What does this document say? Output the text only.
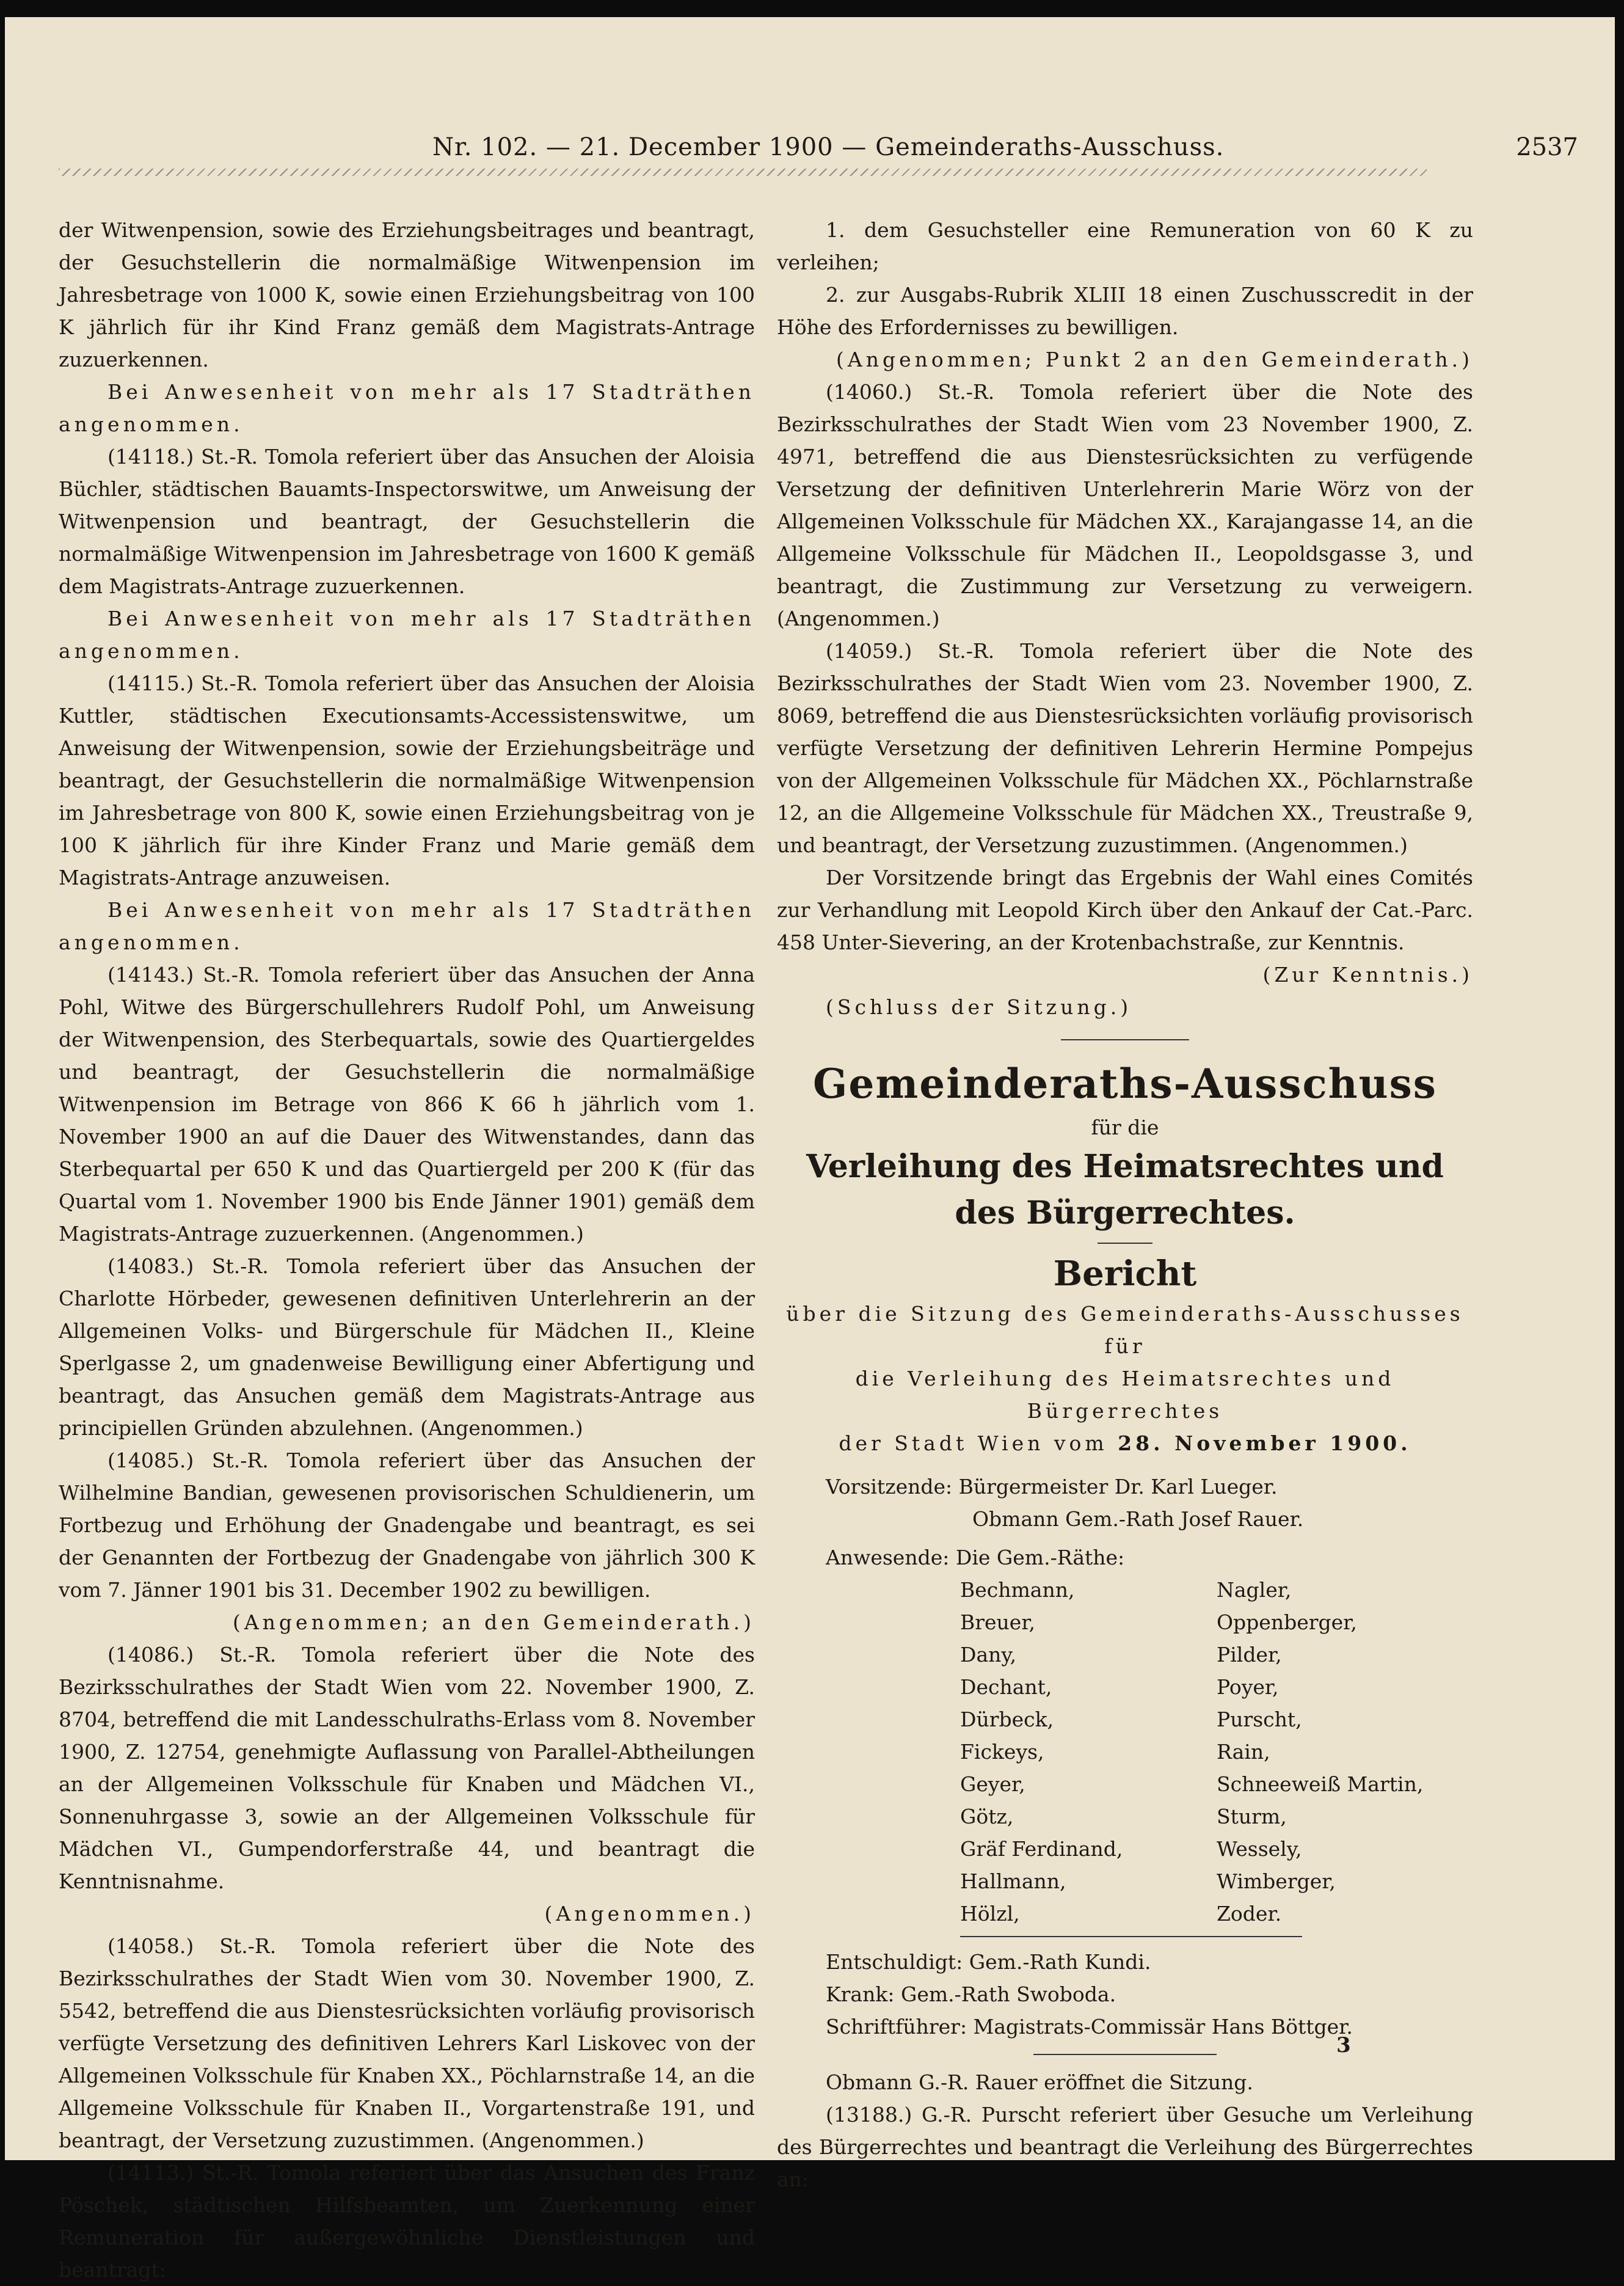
Nr. 102. — 21. December 1900 — Gemeinderaths-Ausschuss.	2537

der Witwenpension, sowie des Erziehungsbeitrages und beantragt, der Gesuchstellerin die normalmäßige Witwenpension im Jahresbetrage von 1000 K, sowie einen Erziehungsbeitrag von 100 K jährlich für ihr Kind Franz gemäß dem Magistrats-Antrage zuzuerkennen.

Bei Anwesenheit von mehr als 17 Stadträthen angenommen.

(14118.) St.-R. Tomola referiert über das Ansuchen der Aloisia Büchler, städtischen Bauamts-Inspectorswitwe, um Anweisung der Witwenpension und beantragt, der Gesuchstellerin die normalmäßige Witwenpension im Jahresbetrage von 1600 K gemäß dem Magistrats-Antrage zuzuerkennen.

Bei Anwesenheit von mehr als 17 Stadträthen angenommen.

(14115.) St.-R. Tomola referiert über das Ansuchen der Aloisia Kuttler, städtischen Executionsamts-Accessistenswitwe, um Anweisung der Witwenpension, sowie der Erziehungsbeiträge und beantragt, der Gesuchstellerin die normalmäßige Witwenpension im Jahresbetrage von 800 K, sowie einen Erziehungsbeitrag von je 100 K jährlich für ihre Kinder Franz und Marie gemäß dem Magistrats-Antrage anzuweisen.

Bei Anwesenheit von mehr als 17 Stadträthen angenommen.

(14143.) St.-R. Tomola referiert über das Ansuchen der Anna Pohl, Witwe des Bürgerschullehrers Rudolf Pohl, um Anweisung der Witwenpension, des Sterbequartals, sowie des Quartiergeldes und beantragt, der Gesuchstellerin die normalmäßige Witwenpension im Betrage von 866 K 66 h jährlich vom 1. November 1900 an auf die Dauer des Witwenstandes, dann das Sterbequartal per 650 K und das Quartiergeld per 200 K (für das Quartal vom 1. November 1900 bis Ende Jänner 1901) gemäß dem Magistrats-Antrage zuzuerkennen. (Angenommen.)

(14083.) St.-R. Tomola referiert über das Ansuchen der Charlotte Hörbeder, gewesenen definitiven Unterlehrerin an der Allgemeinen Volks- und Bürgerschule für Mädchen II., Kleine Sperlgasse 2, um gnadenweise Bewilligung einer Abfertigung und beantragt, das Ansuchen gemäß dem Magistrats-Antrage aus principiellen Gründen abzulehnen. (Angenommen.)

(14085.) St.-R. Tomola referiert über das Ansuchen der Wilhelmine Bandian, gewesenen provisorischen Schuldienerin, um Fortbezug und Erhöhung der Gnadengabe und beantragt, es sei der Genannten der Fortbezug der Gnadengabe von jährlich 300 K vom 7. Jänner 1901 bis 31. December 1902 zu bewilligen.

(Angenommen; an den Gemeinderath.)

(14086.) St.-R. Tomola referiert über die Note des Bezirksschulrathes der Stadt Wien vom 22. November 1900, Z. 8704, betreffend die mit Landesschulraths-Erlass vom 8. November 1900, Z. 12754, genehmigte Auflassung von Parallel-Abtheilungen an der Allgemeinen Volksschule für Knaben und Mädchen VI., Sonnenuhrgasse 3, sowie an der Allgemeinen Volksschule für Mädchen VI., Gumpendorferstraße 44, und beantragt die Kenntnisnahme.

(Angenommen.)

(14058.) St.-R. Tomola referiert über die Note des Bezirksschulrathes der Stadt Wien vom 30. November 1900, Z. 5542, betreffend die aus Dienstesrücksichten vorläufig provisorisch verfügte Versetzung des definitiven Lehrers Karl Liskovec von der Allgemeinen Volksschule für Knaben XX., Pöchlarnstraße 14, an die Allgemeine Volksschule für Knaben II., Vorgartenstraße 191, und beantragt, der Versetzung zuzustimmen. (Angenommen.)

(14113.) St.-R. Tomola referiert über das Ansuchen des Franz Pöschek, städtischen Hilfsbeamten, um Zuerkennung einer Remuneration für außergewöhnliche Dienstleistungen und beantragt:

1. dem Gesuchsteller eine Remuneration von 60 K zu verleihen;

2. zur Ausgabs-Rubrik XLIII 18 einen Zuschusscredit in der Höhe des Erfordernisses zu bewilligen.

(Angenommen; Punkt 2 an den Gemeinderath.)

(14060.) St.-R. Tomola referiert über die Note des Bezirksschulrathes der Stadt Wien vom 23 November 1900, Z. 4971, betreffend die aus Dienstesrücksichten zu verfügende Versetzung der definitiven Unterlehrerin Marie Wörz von der Allgemeinen Volksschule für Mädchen XX., Karajangasse 14, an die Allgemeine Volksschule für Mädchen II., Leopoldsgasse 3, und beantragt, die Zustimmung zur Versetzung zu verweigern. (Angenommen.)

(14059.) St.-R. Tomola referiert über die Note des Bezirksschulrathes der Stadt Wien vom 23. November 1900, Z. 8069, betreffend die aus Dienstesrücksichten vorläufig provisorisch verfügte Versetzung der definitiven Lehrerin Hermine Pompejus von der Allgemeinen Volksschule für Mädchen XX., Pöchlarnstraße 12, an die Allgemeine Volksschule für Mädchen XX., Treustraße 9, und beantragt, der Versetzung zuzustimmen. (Angenommen.)

Der Vorsitzende bringt das Ergebnis der Wahl eines Comités zur Verhandlung mit Leopold Kirch über den Ankauf der Cat.-Parc. 458 Unter-Sievering, an der Krotenbachstraße, zur Kenntnis.

(Zur Kenntnis.)

(Schluss der Sitzung.)

Gemeinderaths-Ausschuss
für die
Verleihung des Heimatsrechtes und des Bürgerrechtes.
Bericht
über die Sitzung des Gemeinderaths-Ausschusses für
die Verleihung des Heimatsrechtes und Bürgerrechtes
der Stadt Wien vom 28. November 1900.
Vorsitzende: Bürgermeister Dr. Karl Lueger.
Obmann Gem.-Rath Josef Rauer.
Anwesende: Die Gem.-Räthe:
Bechmann,
Breuer,
Dany,
Dechant,
Dürbeck,
Fickeys,
Geyer,
Götz,
Gräf Ferdinand,
Hallmann,
Hölzl,
Nagler,
Oppenberger,
Pilder,
Poyer,
Purscht,
Rain,
Schneeweiß Martin,
Sturm,
Wessely,
Wimberger,
Zoder.
Entschuldigt: Gem.-Rath Kundi.
Krank: Gem.-Rath Swoboda.
Schriftführer: Magistrats-Commissär Hans Böttger.
Obmann G.-R. Rauer eröffnet die Sitzung.

(13188.) G.-R. Purscht referiert über Gesuche um Verleihung des Bürgerrechtes und beantragt die Verleihung des Bürgerrechtes an:

3
